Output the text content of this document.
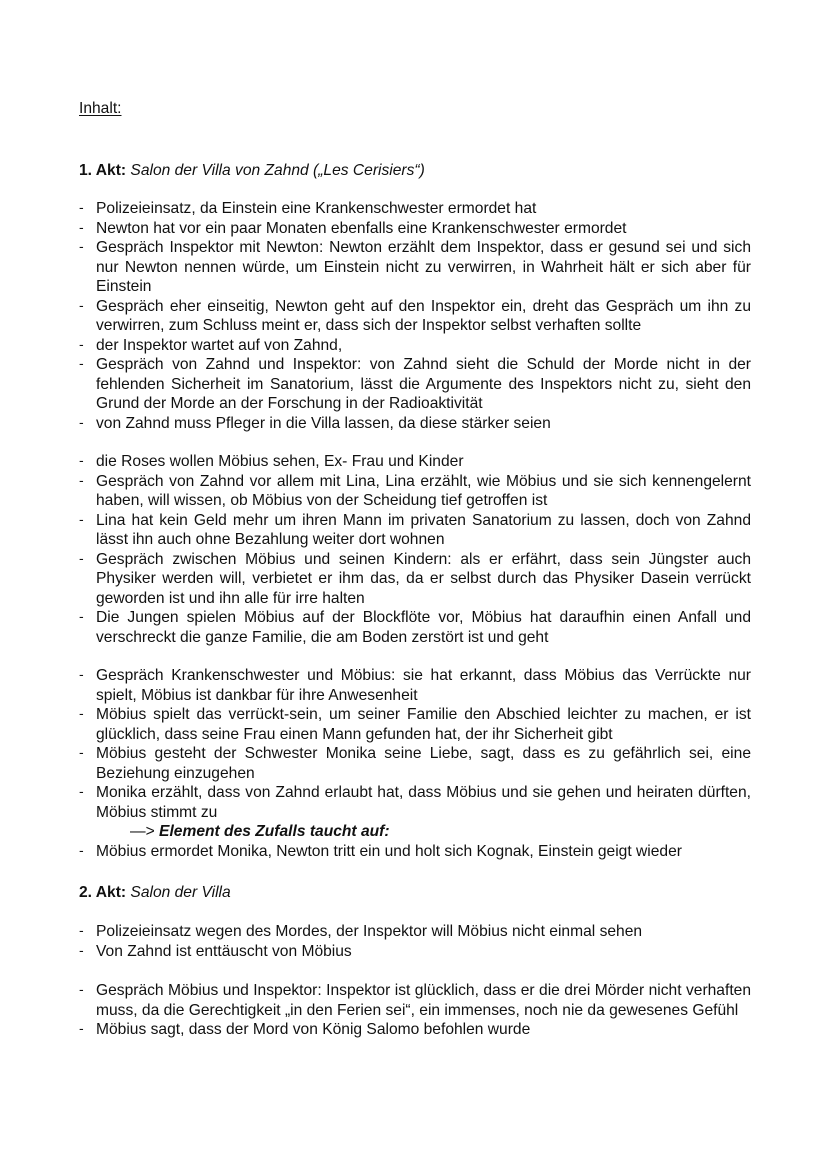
Inhalt:
1. Akt: Salon der Villa von Zahnd („Les Cerisiers“)
- Polizeieinsatz, da Einstein eine Krankenschwester ermordet hat
- Newton hat vor ein paar Monaten ebenfalls eine Krankenschwester ermordet
- Gespräch Inspektor mit Newton: Newton erzählt dem Inspektor, dass er gesund sei und sich nur Newton nennen würde, um Einstein nicht zu verwirren, in Wahrheit hält er sich aber für Einstein
- Gespräch eher einseitig, Newton geht auf den Inspektor ein, dreht das Gespräch um ihn zu verwirren, zum Schluss meint er, dass sich der Inspektor selbst verhaften sollte
- der Inspektor wartet auf von Zahnd,
- Gespräch von Zahnd und Inspektor: von Zahnd sieht die Schuld der Morde nicht in der fehlenden Sicherheit im Sanatorium, lässt die Argumente des Inspektors nicht zu, sieht den Grund der Morde an der Forschung in der Radioaktivität
- von Zahnd muss Pfleger in die Villa lassen, da diese stärker seien
- die Roses wollen Möbius sehen, Ex- Frau und Kinder
- Gespräch von Zahnd vor allem mit Lina, Lina erzählt, wie Möbius und sie sich kennengelernt haben, will wissen, ob Möbius von der Scheidung tief getroffen ist
- Lina hat kein Geld mehr um ihren Mann im privaten Sanatorium zu lassen, doch von Zahnd lässt ihn auch ohne Bezahlung weiter dort wohnen
- Gespräch zwischen Möbius und seinen Kindern: als er erfährt, dass sein Jüngster auch Physiker werden will, verbietet er ihm das, da er selbst durch das Physiker Dasein verrückt geworden ist und ihn alle für irre halten
- Die Jungen spielen Möbius auf der Blockflöte vor, Möbius hat daraufhin einen Anfall und verschreckt die ganze Familie, die am Boden zerstört ist und geht
- Gespräch Krankenschwester und Möbius: sie hat erkannt, dass Möbius das Verrückte nur spielt, Möbius ist dankbar für ihre Anwesenheit
- Möbius spielt das verrückt-sein, um seiner Familie den Abschied leichter zu machen, er ist glücklich, dass seine Frau einen Mann gefunden hat, der ihr Sicherheit gibt
- Möbius gesteht der Schwester Monika seine Liebe, sagt, dass es zu gefährlich sei, eine Beziehung einzugehen
- Monika erzählt, dass von Zahnd erlaubt hat, dass Möbius und sie gehen und heiraten dürften, Möbius stimmt zu
—> Element des Zufalls taucht auf:
- Möbius ermordet Monika, Newton tritt ein und holt sich Kognak, Einstein geigt wieder
2. Akt: Salon der Villa
- Polizeieinsatz wegen des Mordes, der Inspektor will Möbius nicht einmal sehen
- Von Zahnd ist enttäuscht von Möbius
- Gespräch Möbius und Inspektor: Inspektor ist glücklich, dass er die drei Mörder nicht verhaften muss, da die Gerechtigkeit „in den Ferien sei“, ein immenses, noch nie da gewesenes Gefühl
- Möbius sagt, dass der Mord von König Salomo befohlen wurde
